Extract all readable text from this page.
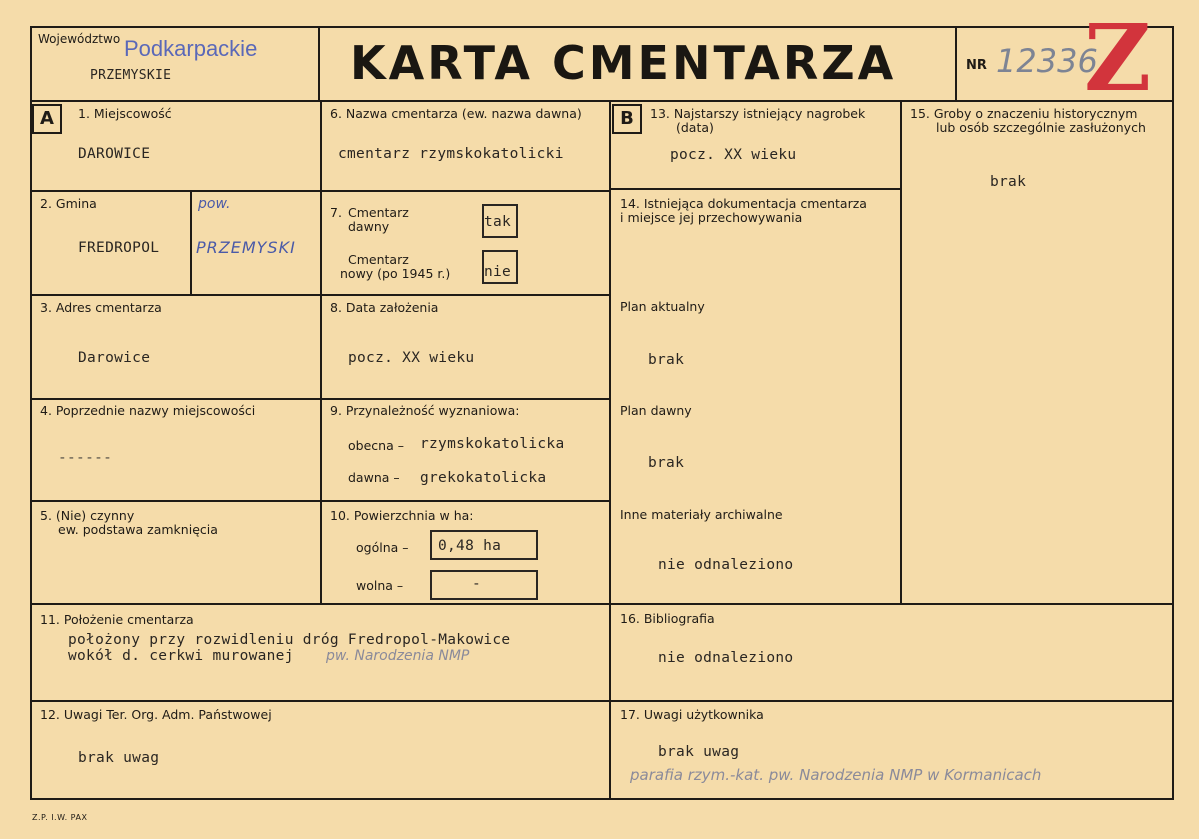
Województwo Podkarpackie
PRZEMYSKIE	KARTA CMENTARZA	NR 12336
Z
A	B
1. Miejscowość
DAROWICE
2. Gmina
FREDROPOL
pow.
PRZEMYSKI
3. Adres cmentarza
Darowice
4. Poprzednie nazwy miejscowości
------
5. (Nie) czynny
ew. podstawa zamknięcia
6. Nazwa cmentarza (ew. nazwa dawna)
cmentarz rzymskokatolicki
7. Cmentarz
dawny	tak
Cmentarz
nowy (po 1945 r.) nie
8. Data założenia
pocz. XX wieku
9. Przynależność wyznaniowa:
obecna – rzymskokatolicka
dawna – grekokatolicka
10. Powierzchnia w ha:
ogólna – 0,48 ha
wolna –	-
11. Położenie cmentarza
położony przy rozwidleniu dróg Fredropol-Makowice
wokół d. cerkwi murowanej pw. Narodzenia NMP
12. Uwagi Ter. Org. Adm. Państwowej
brak uwag
13. Najstarszy istniejący nagrobek
(data)
pocz. XX wieku
14. Istniejąca dokumentacja cmentarza
i miejsce jej przechowywania
Plan aktualny
brak
Plan dawny
brak
Inne materiały archiwalne
nie odnaleziono
15. Groby o znaczeniu historycznym
lub osób szczególnie zasłużonych
brak
16. Bibliografia
nie odnaleziono
17. Uwagi użytkownika
brak uwag
parafia rzym.-kat. pw. Narodzenia NMP w Kormanicach
Z.P. I.W. PAX
